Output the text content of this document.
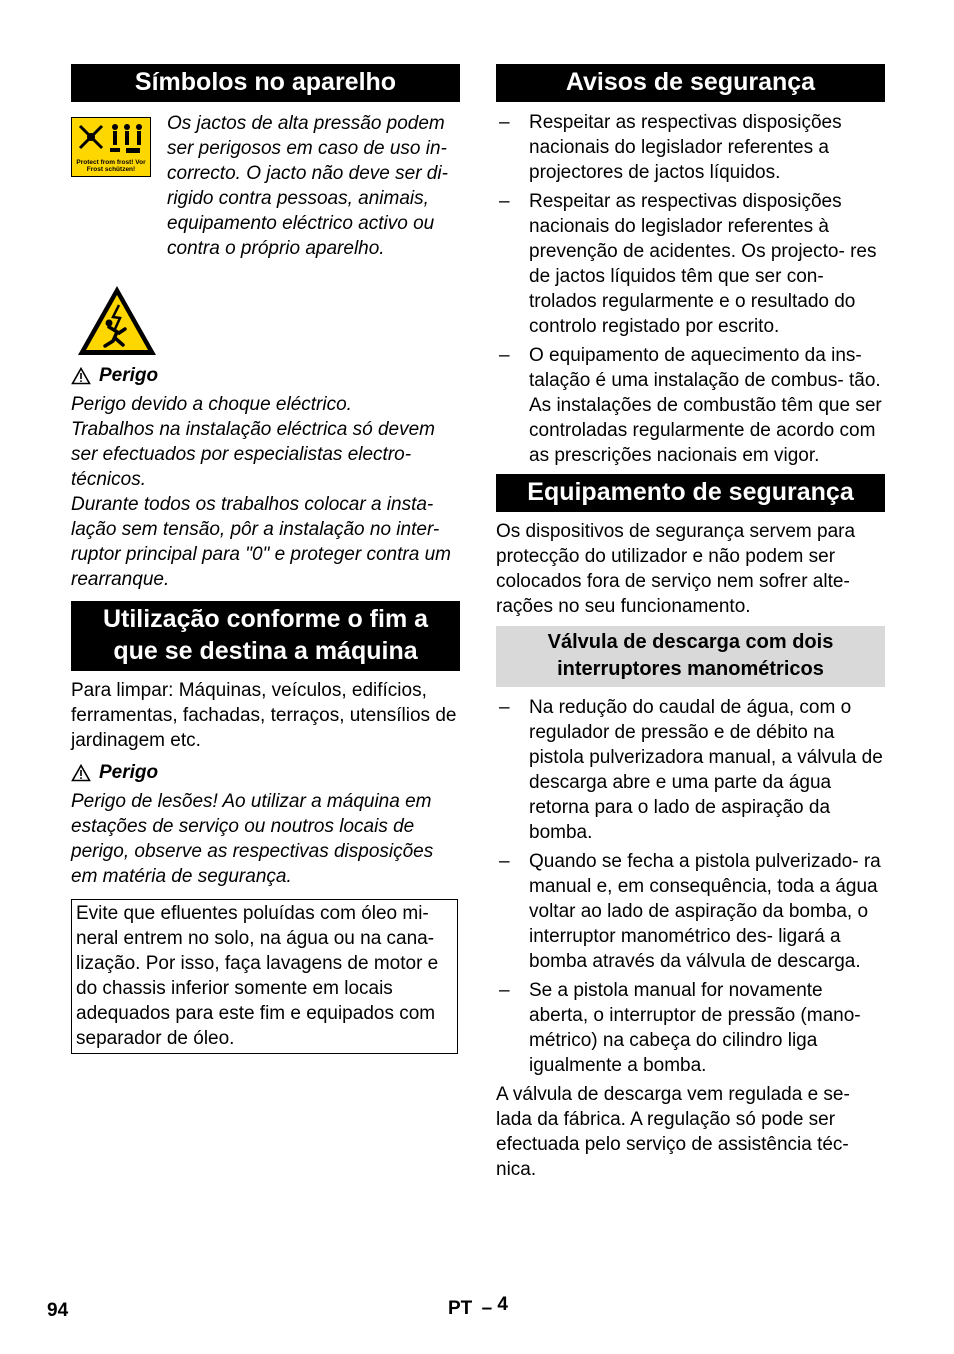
Símbolos no aparelho
Protect from frost! Vor Frost schützen!

Os jactos de alta pressão podem ser perigosos em caso de uso in- correcto. O jacto não deve ser di- rigido contra pessoas, animais, equipamento eléctrico activo ou contra o próprio aparelho.

Perigo

Perigo devido a choque eléctrico.

Trabalhos na instalação eléctrica só devem ser efectuados por especialistas electro- técnicos.

Durante todos os trabalhos colocar a insta- lação sem tensão, pôr a instalação no inter- ruptor principal para "0" e proteger contra um rearranque.

Utilização conforme o fim a
que se destina a máquina

Para limpar: Máquinas, veículos, edifícios, ferramentas, fachadas, terraços, utensílios de jardinagem etc.

Perigo

Perigo de lesões! Ao utilizar a máquina em estações de serviço ou noutros locais de perigo, observe as respectivas disposições em matéria de segurança.

Evite que efluentes poluídas com óleo mi- neral entrem no solo, na água ou na cana- lização. Por isso, faça lavagens de motor e do chassis inferior somente em locais adequados para este fim e equipados com separador de óleo.

Avisos de segurança
– Respeitar as respectivas disposições nacionais do legislador referentes a projectores de jactos líquidos.
– Respeitar as respectivas disposições nacionais do legislador referentes à prevenção de acidentes. Os projecto- res de jactos líquidos têm que ser con- trolados regularmente e o resultado do controlo registado por escrito.
– O equipamento de aquecimento da ins- talação é uma instalação de combus- tão. As instalações de combustão têm que ser controladas regularmente de acordo com as prescrições nacionais em vigor.
Equipamento de segurança

Os dispositivos de segurança servem para protecção do utilizador e não podem ser colocados fora de serviço nem sofrer alte- rações no seu funcionamento.

Válvula de descarga com dois
interruptores manométricos
– Na redução do caudal de água, com o regulador de pressão e de débito na pistola pulverizadora manual, a válvula de descarga abre e uma parte da água retorna para o lado de aspiração da bomba.
– Quando se fecha a pistola pulverizado- ra manual e, em consequência, toda a água voltar ao lado de aspiração da bomba, o interruptor manométrico des- ligará a bomba através da válvula de descarga.
– Se a pistola manual for novamente aberta, o interruptor de pressão (mano- métrico) na cabeça do cilindro liga igualmente a bomba.

A válvula de descarga vem regulada e se- lada da fábrica. A regulação só pode ser efectuada pelo serviço de assistência téc- nica.

94	PT – 4
